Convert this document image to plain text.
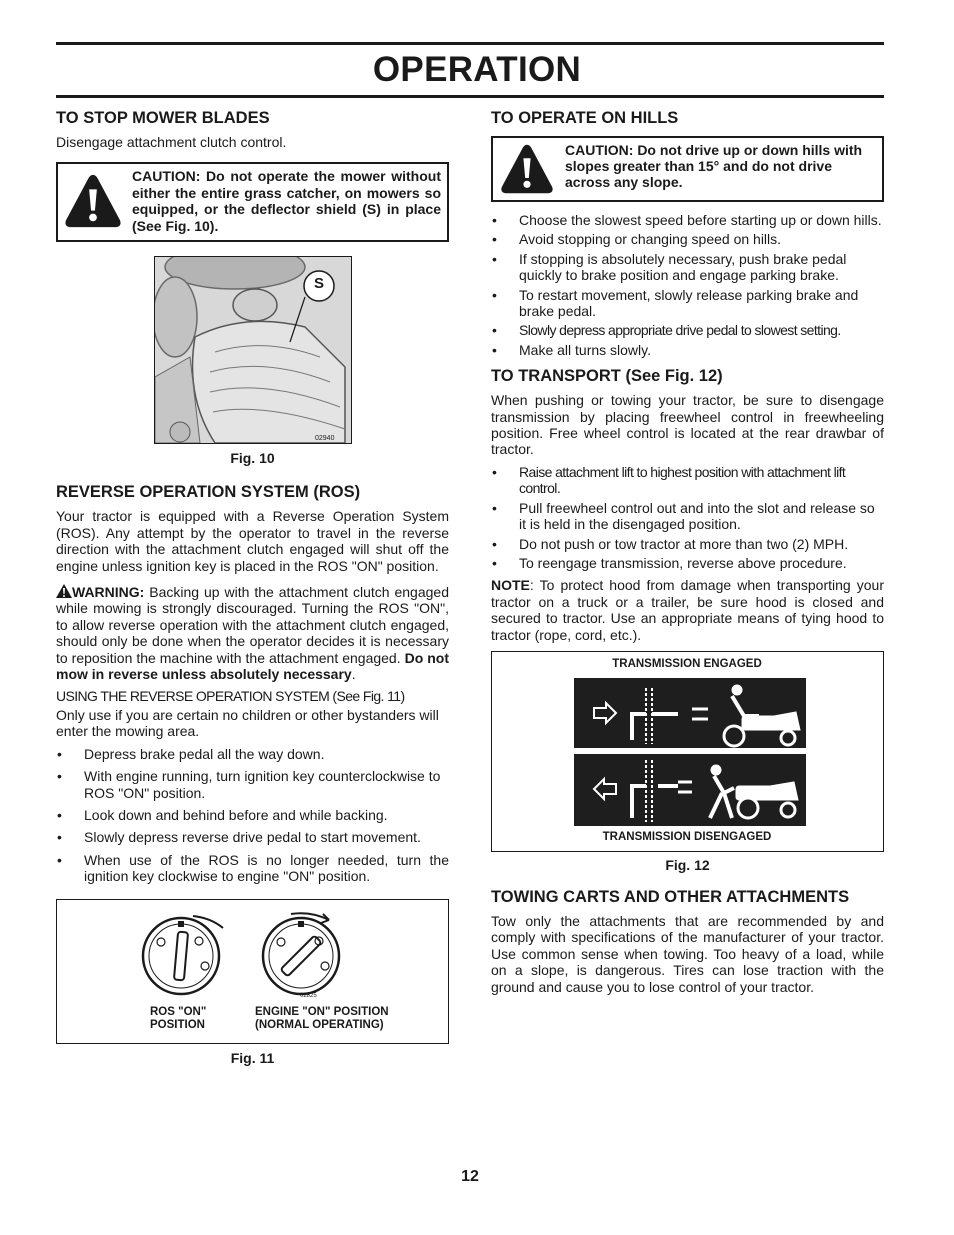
OPERATION
TO STOP MOWER BLADES

Disengage attachment clutch control.

CAUTION: Do not operate the mower without either the entire grass catcher, on mowers so equipped, or the deflector shield (S) in place (See Fig. 10).
S
02940
Fig. 10
REVERSE OPERATION SYSTEM (ROS)

Your tractor is equipped with a Reverse Operation System (ROS). Any attempt by the operator to travel in the reverse direction with the attachment clutch engaged will shut off the engine unless ignition key is placed in the ROS "ON" position.

WARNING: Backing up with the attachment clutch engaged while mowing is strongly discouraged. Turning the ROS "ON", to allow reverse operation with the attachment clutch engaged, should only be done when the operator decides it is necessary to reposition the machine with the attachment engaged. Do not mow in reverse unless absolutely necessary.

USING THE REVERSE OPERATION SYSTEM (See Fig. 11)

Only use if you are certain no children or other bystanders will enter the mowing area.

• Depress brake pedal all the way down.
• With engine running, turn ignition key counterclockwise to ROS "ON" position.
• Look down and behind before and while backing.
• Slowly depress reverse drive pedal to start movement.
• When use of the ROS is no longer needed, turn the ignition key clockwise to engine "ON" position.
02825
ROS "ON"
POSITION
ENGINE "ON" POSITION
(NORMAL OPERATING)
Fig. 11
TO OPERATE ON HILLS
CAUTION: Do not drive up or down hills with slopes greater than 15° and do not drive across any slope.
• Choose the slowest speed before starting up or down hills.
• Avoid stopping or changing speed on hills.
• If stopping is absolutely necessary, push brake pedal quickly to brake position and engage parking brake.
• To restart movement, slowly release parking brake and brake pedal.
• Slowly depress appropriate drive pedal to slowest setting.
• Make all turns slowly.
TO TRANSPORT (See Fig. 12)

When pushing or towing your tractor, be sure to disengage transmission by placing freewheel control in freewheeling position. Free wheel control is located at the rear drawbar of tractor.

• Raise attachment lift to highest position with attachment lift control.
• Pull freewheel control out and into the slot and release so it is held in the disengaged position.
• Do not push or tow tractor at more than two (2) MPH.
• To reengage transmission, reverse above procedure.

NOTE: To protect hood from damage when transporting your tractor on a truck or a trailer, be sure hood is closed and secured to tractor. Use an appropriate means of tying hood to tractor (rope, cord, etc.).

TRANSMISSION ENGAGED
TRANSMISSION DISENGAGED
Fig. 12
TOWING CARTS AND OTHER ATTACHMENTS

Tow only the attachments that are recommended by and comply with specifications of the manufacturer of your tractor. Use common sense when towing. Too heavy of a load, while on a slope, is dangerous. Tires can lose traction with the ground and cause you to lose control of your tractor.

12
